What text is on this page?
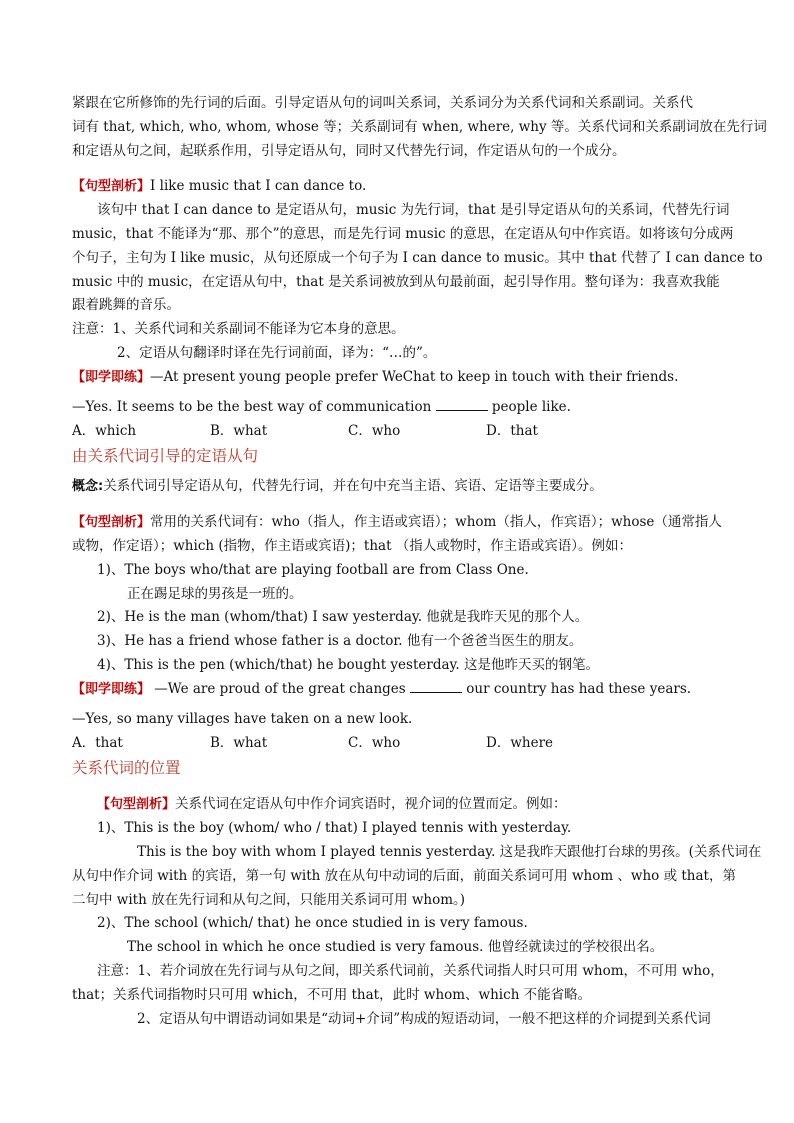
紧跟在它所修饰的先行词的后面。引导定语从句的词叫关系词，关系词分为关系代词和关系副词。关系代

词有 that, which, who, whom, whose 等；关系副词有 when, where, why 等。关系代词和关系副词放在先行词

和定语从句之间，起联系作用，引导定语从句，同时又代替先行词，作定语从句的一个成分。

【句型剖析】I like music that I can dance to.

该句中 that I can dance to 是定语从句，music 为先行词，that 是引导定语从句的关系词，代替先行词

music，that 不能译为“那、那个”的意思，而是先行词 music 的意思，在定语从句中作宾语。如将该句分成两

个句子，主句为 I like music，从句还原成一个句子为 I can dance to music。其中 that 代替了 I can dance to

music 中的 music，在定语从句中，that 是关系词被放到从句最前面，起引导作用。整句译为：我喜欢我能

跟着跳舞的音乐。

注意：1、关系代词和关系副词不能译为它本身的意思。

2、定语从句翻译时译在先行词前面，译为：“…的”。

【即学即练】—At present young people prefer WeChat to keep in touch with their friends.

—Yes. It seems to be the best way of communication	people like.

A．which	B．what	C．who	D．that

由关系代词引导的定语从句

概念:关系代词引导定语从句，代替先行词，并在句中充当主语、宾语、定语等主要成分。

【句型剖析】常用的关系代词有：who（指人，作主语或宾语）；whom（指人，作宾语）；whose（通常指人

或物，作定语）；which (指物，作主语或宾语)；that （指人或物时，作主语或宾语）。例如：

1)、The boys who/that are playing football are from Class One.

正在踢足球的男孩是一班的。

2)、He is the man (whom/that) I saw yesterday. 他就是我昨天见的那个人。

3)、He has a friend whose father is a doctor. 他有一个爸爸当医生的朋友。

4)、This is the pen (which/that) he bought yesterday. 这是他昨天买的钢笔。

【即学即练】 —We are proud of the great changes	our country has had these years.

—Yes, so many villages have taken on a new look.

A．that	B．what	C．who	D．where

关系代词的位置

【句型剖析】关系代词在定语从句中作介词宾语时，视介词的位置而定。例如：

1)、This is the boy (whom/ who / that) I played tennis with yesterday.

This is the boy with whom I played tennis yesterday. 这是我昨天跟他打台球的男孩。(关系代词在

从句中作介词 with 的宾语，第一句 with 放在从句中动词的后面，前面关系词可用 whom 、who 或 that，第

二句中 with 放在先行词和从句之间，只能用关系词可用 whom。)

2)、The school (which/ that) he once studied in is very famous.

The school in which he once studied is very famous. 他曾经就读过的学校很出名。

注意：1、若介词放在先行词与从句之间，即关系代词前，关系代词指人时只可用 whom，不可用 who，

that；关系代词指物时只可用 which，不可用 that，此时 whom、which 不能省略。

2、定语从句中谓语动词如果是“动词+介词”构成的短语动词，一般不把这样的介词提到关系代词
